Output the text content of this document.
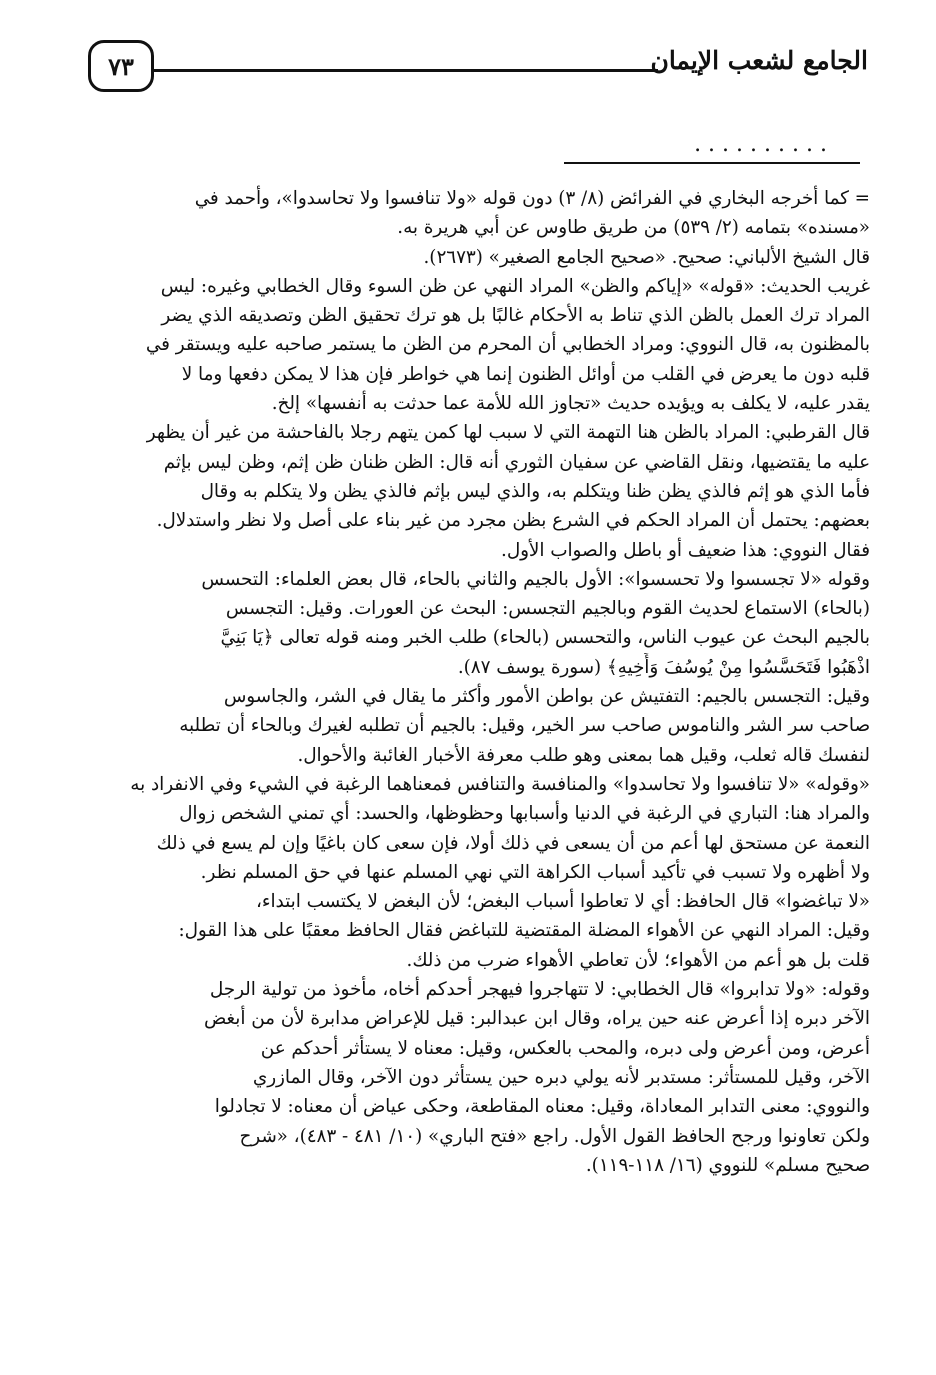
الجامع لشعب الإيمان
٧٣
..........
= كما أخرجه البخاري في الفرائض (٨/ ٣) دون قوله «ولا تنافسوا ولا تحاسدوا»، وأحمد في
«مسنده» بتمامه (٢/ ٥٣٩) من طريق طاوس عن أبي هريرة به.
قال الشيخ الألباني: صحيح. «صحيح الجامع الصغير» (٢٦٧٣).
غريب الحديث: «قوله» «إياكم والظن» المراد النهي عن ظن السوء وقال الخطابي وغيره: ليس
المراد ترك العمل بالظن الذي تناط به الأحكام غالبًا بل هو ترك تحقيق الظن وتصديقه الذي يضر
بالمظنون به، قال النووي: ومراد الخطابي أن المحرم من الظن ما يستمر صاحبه عليه ويستقر في
قلبه دون ما يعرض في القلب من أوائل الظنون إنما هي خواطر فإن هذا لا يمكن دفعها وما لا
يقدر عليه، لا يكلف به ويؤيده حديث «تجاوز الله للأمة عما حدثت به أنفسها» إلخ.
قال القرطبي: المراد بالظن هنا التهمة التي لا سبب لها كمن يتهم رجلا بالفاحشة من غير أن يظهر
عليه ما يقتضيها، ونقل القاضي عن سفيان الثوري أنه قال: الظن ظنان ظن إثم، وظن ليس بإثم
فأما الذي هو إثم فالذي يظن ظنا ويتكلم به، والذي ليس بإثم فالذي يظن ولا يتكلم به وقال
بعضهم: يحتمل أن المراد الحكم في الشرع بظن مجرد من غير بناء على أصل ولا نظر واستدلال.
فقال النووي: هذا ضعيف أو باطل والصواب الأول.
وقوله «لا تجسسوا ولا تحسسوا»: الأول بالجيم والثاني بالحاء، قال بعض العلماء: التحسس
(بالحاء) الاستماع لحديث القوم وبالجيم التجسس: البحث عن العورات. وقيل: التجسس
بالجيم البحث عن عيوب الناس، والتحسس (بالحاء) طلب الخبر ومنه قوله تعالى ﴿يَا بَنِيَّ
اذْهَبُوا فَتَحَسَّسُوا مِنْ يُوسُفَ وَأَخِيهِ﴾ (سورة يوسف ٨٧).
وقيل: التجسس بالجيم: التفتيش عن بواطن الأمور وأكثر ما يقال في الشر، والجاسوس
صاحب سر الشر والناموس صاحب سر الخير، وقيل: بالجيم أن تطلبه لغيرك وبالحاء أن تطلبه
لنفسك قاله ثعلب، وقيل هما بمعنى وهو طلب معرفة الأخبار الغائبة والأحوال.
«وقوله» «لا تنافسوا ولا تحاسدوا» والمنافسة والتنافس فمعناهما الرغبة في الشيء وفي الانفراد به
والمراد هنا: التباري في الرغبة في الدنيا وأسبابها وحظوظها، والحسد: أي تمني الشخص زوال
النعمة عن مستحق لها أعم من أن يسعى في ذلك أولا، فإن سعى كان باغيًا وإن لم يسع في ذلك
ولا أظهره ولا تسبب في تأكيد أسباب الكراهة التي نهي المسلم عنها في حق المسلم نظر.
«لا تباغضوا» قال الحافظ: أي لا تعاطوا أسباب البغض؛ لأن البغض لا يكتسب ابتداء،
وقيل: المراد النهي عن الأهواء المضلة المقتضية للتباغض فقال الحافظ معقبًا على هذا القول:
قلت بل هو أعم من الأهواء؛ لأن تعاطي الأهواء ضرب من ذلك.
وقوله: «ولا تدابروا» قال الخطابي: لا تتهاجروا فيهجر أحدكم أخاه، مأخوذ من تولية الرجل
الآخر دبره إذا أعرض عنه حين يراه، وقال ابن عبدالبر: قيل للإعراض مدابرة لأن من أبغض
أعرض، ومن أعرض ولى دبره، والمحب بالعكس، وقيل: معناه لا يستأثر أحدكم عن
الآخر، وقيل للمستأثر: مستدبر لأنه يولي دبره حين يستأثر دون الآخر، وقال المازري
والنووي: معنى التدابر المعاداة، وقيل: معناه المقاطعة، وحكى عياض أن معناه: لا تجادلوا
ولكن تعاونوا ورجح الحافظ القول الأول. راجع «فتح الباري» (١٠/ ٤٨١ - ٤٨٣)، «شرح
صحيح مسلم» للنووي (١٦/ ١١٨-١١٩).
